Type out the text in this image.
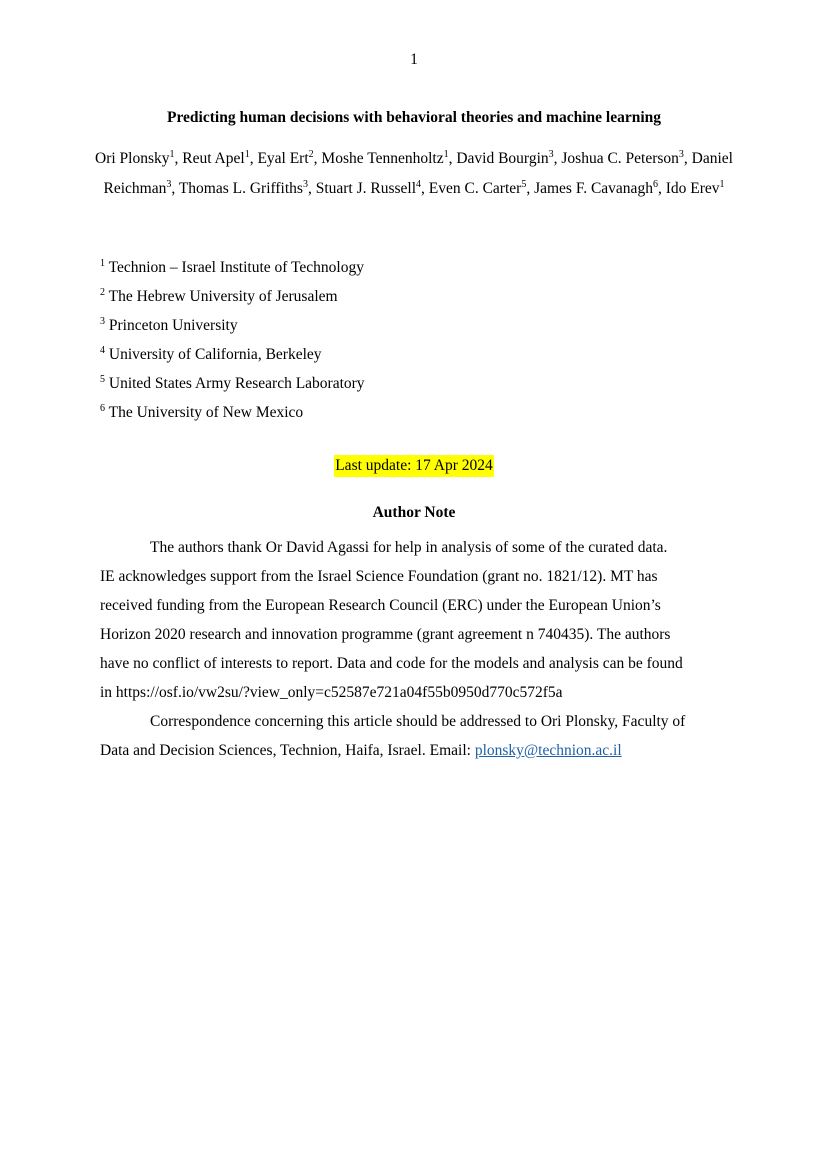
1
Predicting human decisions with behavioral theories and machine learning
Ori Plonsky$^1$, Reut Apel$^1$, Eyal Ert$^2$, Moshe Tennenholtz$^1$, David Bourgin$^3$, Joshua C. Peterson$^3$, Daniel Reichman$^3$, Thomas L. Griffiths$^3$, Stuart J. Russell$^4$, Even C. Carter$^5$, James F. Cavanagh$^6$, Ido Erev$^1$
$^1$ Technion – Israel Institute of Technology
$^2$ The Hebrew University of Jerusalem
$^3$ Princeton University
$^4$ University of California, Berkeley
$^5$ United States Army Research Laboratory
$^6$ The University of New Mexico
Last update: 17 Apr 2024
Author Note

The authors thank Or David Agassi for help in analysis of some of the curated data.
IE acknowledges support from the Israel Science Foundation (grant no. 1821/12). MT has
received funding from the European Research Council (ERC) under the European Union’s
Horizon 2020 research and innovation programme (grant agreement n 740435). The authors
have no conflict of interests to report. Data and code for the models and analysis can be found
in https://osf.io/vw2su/?view_only=c52587e721a04f55b0950d770c572f5a

Correspondence concerning this article should be addressed to Ori Plonsky, Faculty of
Data and Decision Sciences, Technion, Haifa, Israel. Email: plonsky@technion.ac.il
